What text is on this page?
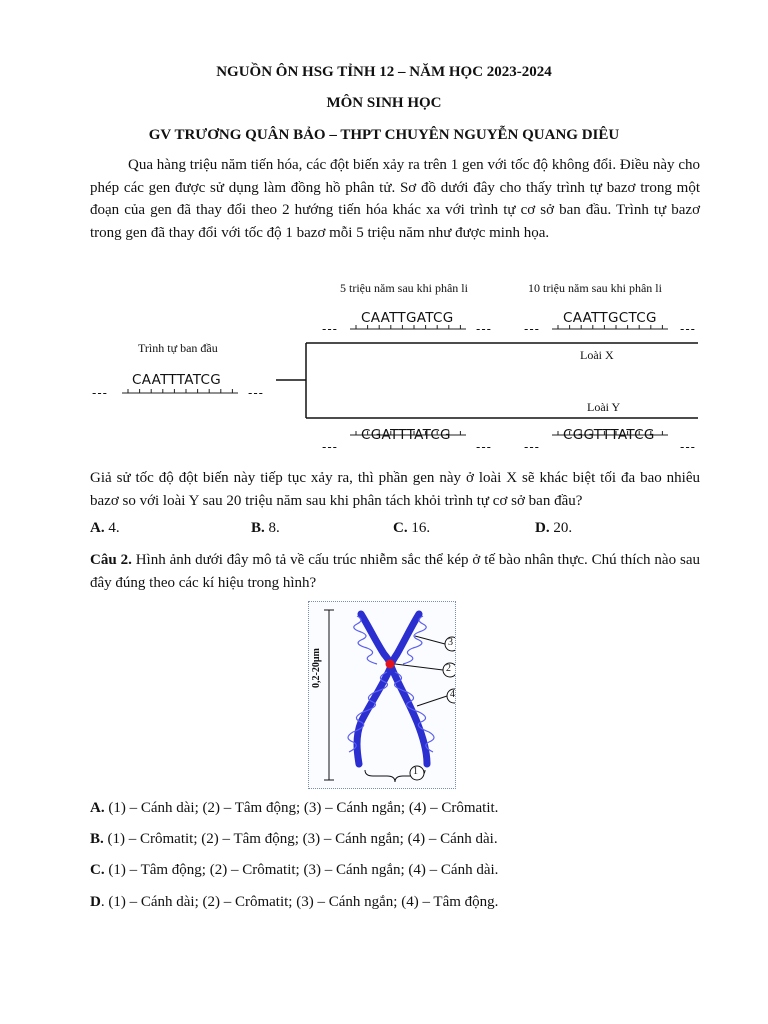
NGUỒN ÔN HSG TỈNH 12 – NĂM HỌC 2023-2024
MÔN SINH HỌC
GV TRƯƠNG QUÂN BẢO – THPT CHUYÊN NGUYỄN QUANG DIÊU
Qua hàng triệu năm tiến hóa, các đột biến xảy ra trên 1 gen với tốc độ không đổi. Điều này cho phép các gen được sử dụng làm đồng hồ phân tử. Sơ đồ dưới đây cho thấy trình tự bazơ trong một đoạn của gen đã thay đổi theo 2 hướng tiến hóa khác xa với trình tự cơ sở ban đầu. Trình tự bazơ trong gen đã thay đổi với tốc độ 1 bazơ mỗi 5 triệu năm như được minh họa.
5 triệu năm sau khi phân li	10 triệu năm sau khi phân li
Trình tự ban đầu	Loài X
Loài Y
CAATTTATCG
CAATTGATCG	CAATTGCTCG
CGATTTATCG	CGGTTTATCG
---	---
---	---	---	---
---	---	---	---
Giả sử tốc độ đột biến này tiếp tục xảy ra, thì phần gen này ở loài X sẽ khác biệt tối đa bao nhiêu bazơ so với loài Y sau 20 triệu năm sau khi phân tách khỏi trình tự cơ sở ban đầu?
A. 4.	B. 8.	C. 16.	D. 20.
Câu 2. Hình ảnh dưới đây mô tả về cấu trúc nhiễm sắc thể kép ở tế bào nhân thực. Chú thích nào sau đây đúng theo các kí hiệu trong hình?
0,2-20μm
3
2
4
1
A. (1) – Cánh dài; (2) – Tâm động; (3) – Cánh ngắn; (4) – Crômatit.
B. (1) – Crômatit; (2) – Tâm động; (3) – Cánh ngắn; (4) – Cánh dài.
C. (1) – Tâm động; (2) – Crômatit; (3) – Cánh ngắn; (4) – Cánh dài.
D. (1) – Cánh dài; (2) – Crômatit; (3) – Cánh ngắn; (4) – Tâm động.
